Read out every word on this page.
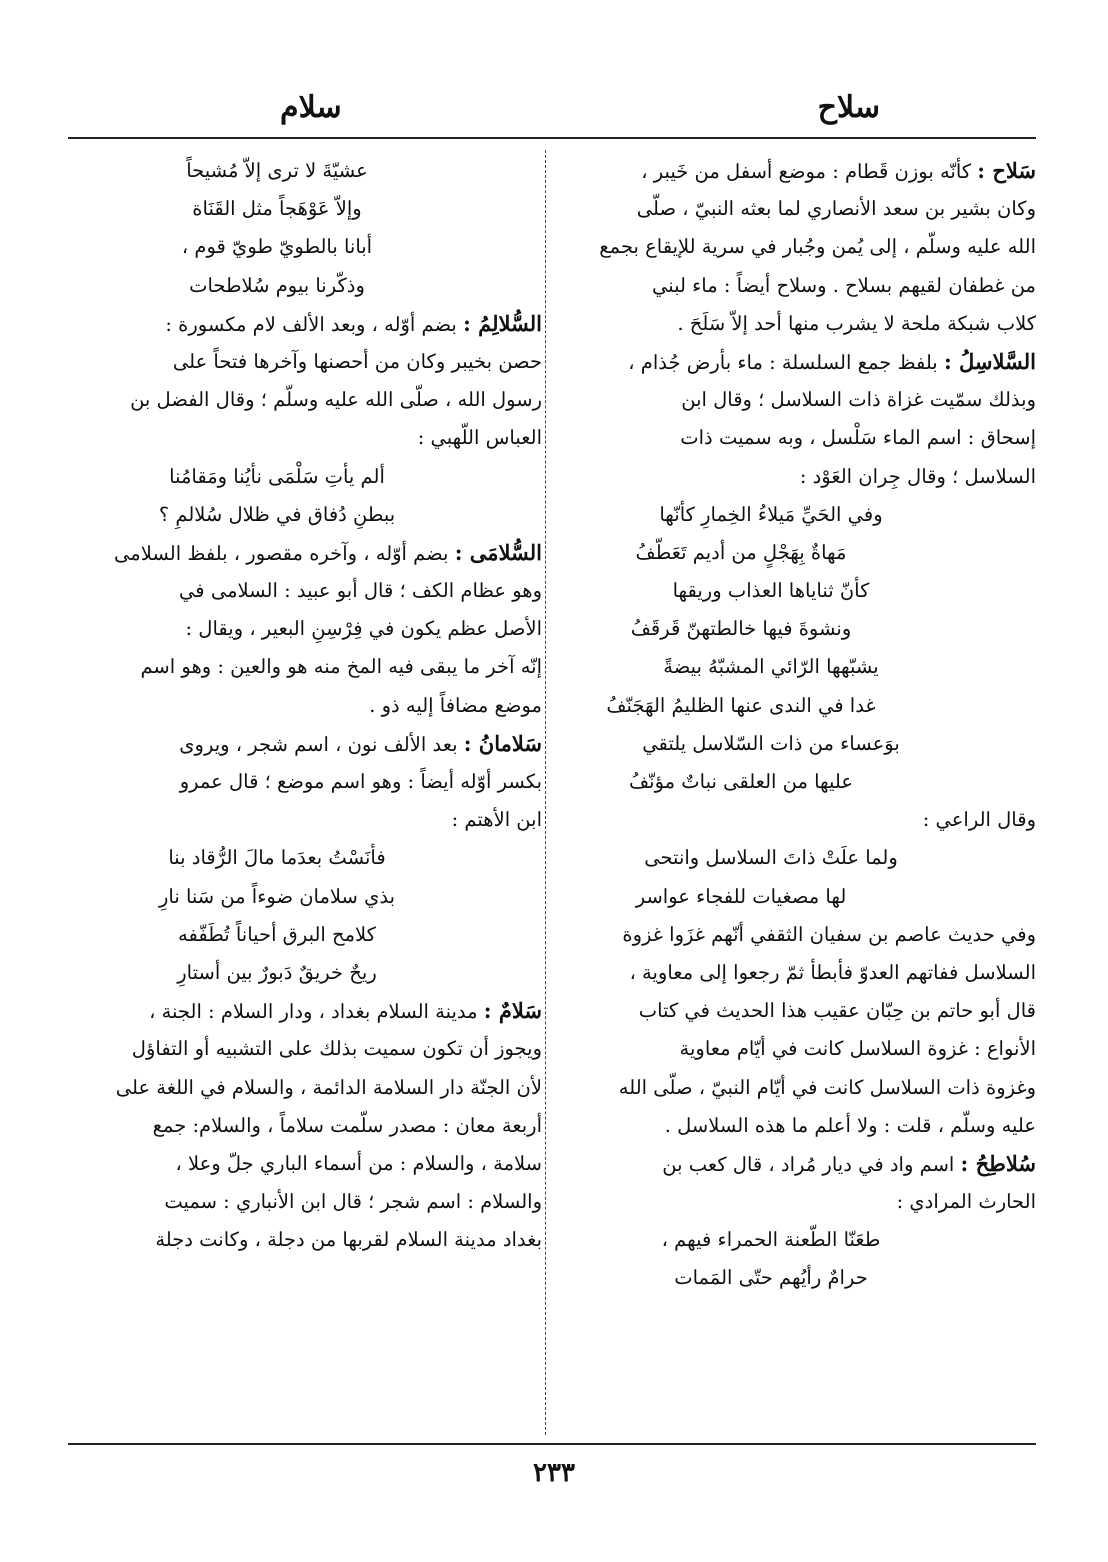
سلاح
سلام
سَلاح : كأنّه بوزن قَطام : موضع أسفل من خَيبر ،
وكان بشير بن سعد الأنصاري لما بعثه النبيّ ، صلّى
الله عليه وسلّم ، إلى يُمن وجُبار في سرية للإيقاع بجمع
من غطفان لقيهم بسلاح . وسلاح أيضاً : ماء لبني
كلاب شبكة ملحة لا يشرب منها أحد إلاّ سَلَحَ .
السَّلاسِلُ : بلفظ جمع السلسلة : ماء بأرض جُذام ،
وبذلك سمّيت غزاة ذات السلاسل ؛ وقال ابن
إسحاق : اسم الماء سَلْسل ، وبه سميت ذات
السلاسل ؛ وقال جِران العَوْد :
وفي الحَيِّ مَيلاءُ الخِمارِ كأنّها
مَهاةٌ بِهَجْلٍ من أديم تَعَطّفُ
كأنّ ثناياها العذاب وريقها
ونشوةَ فيها خالطتهنّ قَرقَفُ
يشبّهها الرّائي المشبّهُ بيضةً
غدا في الندى عنها الظليمُ الهَجَنّفُ
بوَعساء من ذات السّلاسل يلتقي
عليها من العلقى نباتٌ مؤنّفُ
وقال الراعي :
ولما علَتْ ذاتَ السلاسل وانتحى
لها مصغيات للفجاء عواسر
وفي حديث عاصم بن سفيان الثقفي أنّهم غزَوا غزوة
السلاسل ففاتهم العدوّ فأبطأ ثمّ رجعوا إلى معاوية ،
قال أبو حاتم بن حِبّان عقيب هذا الحديث في كتاب
الأنواع : غزوة السلاسل كانت في أيّام معاوية
وغزوة ذات السلاسل كانت في أيّام النبيّ ، صلّى الله
عليه وسلّم ، قلت : ولا أعلم ما هذه السلاسل .
سُلاطِحُ : اسم واد في ديار مُراد ، قال كعب بن
الحارث المرادي :
طعَنّا الطّعنة الحمراء فيهم ،
حرامٌ رأيُهم حتّى المَمات
عشيّةَ لا ترى إلاّ مُشيحاً
وإلاّ عَوْهَجاً مثل القَنَاة
أبانا بالطويّ طويّ قوم ،
وذكّرنا بيوم سُلاطحات
السُّلالِمُ : بضم أوّله ، وبعد الألف لام مكسورة :
حصن بخيبر وكان من أحصنها وآخرها فتحاً على
رسول الله ، صلّى الله عليه وسلّم ؛ وقال الفضل بن
العباس اللّهبي :
ألم يأتِ سَلْمَى نأيُنا ومَقامُنا
ببطنِ دُفاق في ظلال سُلالمِ ؟
السُّلامَى : بضم أوّله ، وآخره مقصور ، بلفظ السلامى
وهو عظام الكف ؛ قال أبو عبيد : السلامى في
الأصل عظم يكون في فِرْسِنِ البعير ، ويقال :
إنّه آخر ما يبقى فيه المخ منه هو والعين : وهو اسم
موضع مضافاً إليه ذو .
سَلامانُ : بعد الألف نون ، اسم شجر ، ويروى
بكسر أوّله أيضاً : وهو اسم موضع ؛ قال عمرو
ابن الأهتم :
فأنَسْتُ بعدَما مالَ الرُّقاد بنا
بذي سلامان ضوءاً من سَنا نارِ
كلامح البرق أحياناً تُطَفّفه
ريحٌ خريقٌ دَبورٌ بين أستارِ
سَلامٌ : مدينة السلام بغداد ، ودار السلام : الجنة ،
ويجوز أن تكون سميت بذلك على التشبيه أو التفاؤل
لأن الجنّة دار السلامة الدائمة ، والسلام في اللغة على
أربعة معان : مصدر سلّمت سلاماً ، والسلام: جمع
سلامة ، والسلام : من أسماء الباري جلّ وعلا ،
والسلام : اسم شجر ؛ قال ابن الأنباري : سميت
بغداد مدينة السلام لقربها من دجلة ، وكانت دجلة
٢٣٣
